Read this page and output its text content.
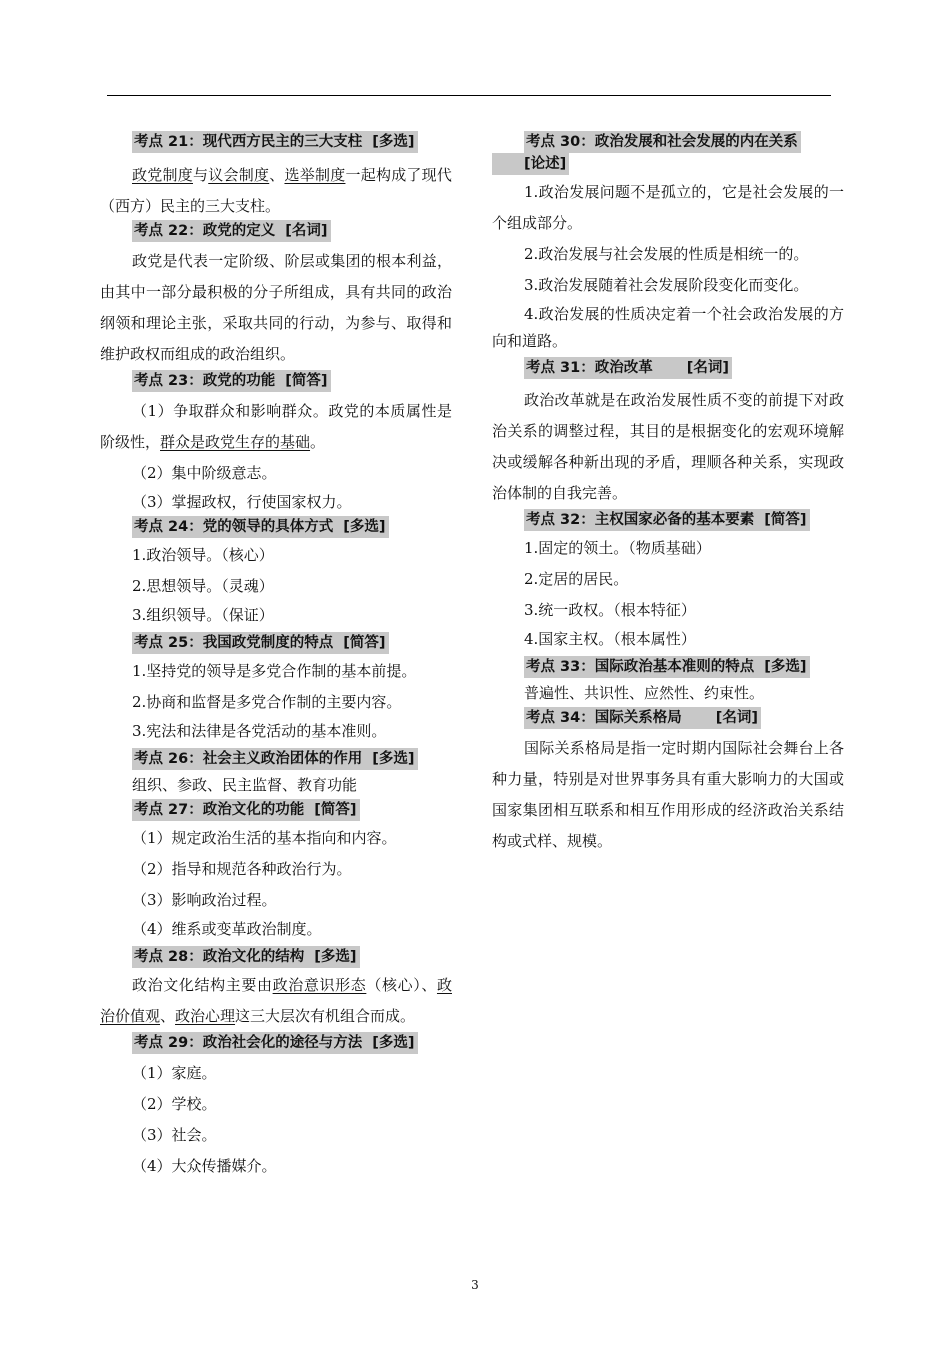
考点 21：现代西方民主的三大支柱 [多选]

政党制度与议会制度、选举制度一起构成了现代（西方）民主的三大支柱。

考点 22：政党的定义 [名词]

政党是代表一定阶级、阶层或集团的根本利益，由其中一部分最积极的分子所组成，具有共同的政治纲领和理论主张，采取共同的行动，为参与、取得和维护政权而组成的政治组织。

考点 23：政党的功能 [简答]

（1）争取群众和影响群众。政党的本质属性是阶级性，群众是政党生存的基础。

（2）集中阶级意志。

（3）掌握政权，行使国家权力。

考点 24：党的领导的具体方式 [多选]

1.政治领导。（核心）

2.思想领导。（灵魂）

3.组织领导。（保证）

考点 25：我国政党制度的特点 [简答]

1.坚持党的领导是多党合作制的基本前提。

2.协商和监督是多党合作制的主要内容。

3.宪法和法律是各党活动的基本准则。

考点 26：社会主义政治团体的作用 [多选]

组织、参政、民主监督、教育功能

考点 27：政治文化的功能 [简答]

（1）规定政治生活的基本指向和内容。

（2）指导和规范各种政治行为。

（3）影响政治过程。

（4）维系或变革政治制度。

考点 28：政治文化的结构 [多选]

政治文化结构主要由政治意识形态（核心）、政治价值观、政治心理这三大层次有机组合而成。

考点 29：政治社会化的途径与方法 [多选]

（1）家庭。

（2）学校。

（3）社会。

（4）大众传播媒介。

考点 30：政治发展和社会发展的内在关系
[论述]

1.政治发展问题不是孤立的，它是社会发展的一个组成部分。

2.政治发展与社会发展的性质是相统一的。

3.政治发展随着社会发展阶段变化而变化。

4.政治发展的性质决定着一个社会政治发展的方向和道路。

考点 31：政治改革 [名词]

政治改革就是在政治发展性质不变的前提下对政治关系的调整过程，其目的是根据变化的宏观环境解决或缓解各种新出现的矛盾，理顺各种关系，实现政治体制的自我完善。

考点 32：主权国家必备的基本要素 [简答]

1.固定的领土。（物质基础）

2.定居的居民。

3.统一政权。（根本特征）

4.国家主权。（根本属性）

考点 33：国际政治基本准则的特点 [多选]

普遍性、共识性、应然性、约束性。

考点 34：国际关系格局 [名词]

国际关系格局是指一定时期内国际社会舞台上各种力量，特别是对世界事务具有重大影响力的大国或国家集团相互联系和相互作用形成的经济政治关系结构或式样、规模。

3
